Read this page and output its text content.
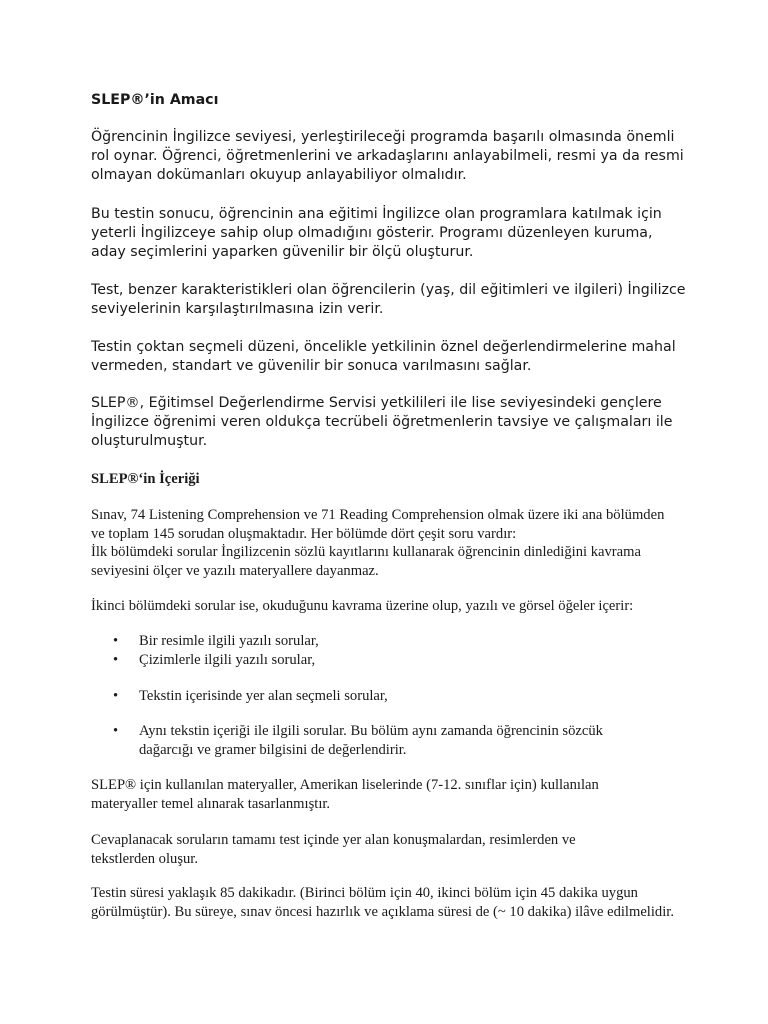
SLEP®’in Amacı

Öğrencinin İngilizce seviyesi, yerleştirileceği programda başarılı olmasında önemli rol oynar. Öğrenci, öğretmenlerini ve arkadaşlarını anlayabilmeli, resmi ya da resmi olmayan dokümanları okuyup anlayabiliyor olmalıdır.

Bu testin sonucu, öğrencinin ana eğitimi İngilizce olan programlara katılmak için yeterli İngilizceye sahip olup olmadığını gösterir. Programı düzenleyen kuruma, aday seçimlerini yaparken güvenilir bir ölçü oluşturur.

Test, benzer karakteristikleri olan öğrencilerin (yaş, dil eğitimleri ve ilgileri) İngilizce seviyelerinin karşılaştırılmasına izin verir.

Testin çoktan seçmeli düzeni, öncelikle yetkilinin öznel değerlendirmelerine mahal vermeden, standart ve güvenilir bir sonuca varılmasını sağlar.

SLEP®, Eğitimsel Değerlendirme Servisi yetkilileri ile lise seviyesindeki gençlere İngilizce öğrenimi veren oldukça tecrübeli öğretmenlerin tavsiye ve çalışmaları ile oluşturulmuştur.

SLEP®‘in İçeriği

Sınav, 74 Listening Comprehension ve 71 Reading Comprehension olmak üzere iki ana bölümden ve toplam 145 sorudan oluşmaktadır. Her bölümde dört çeşit soru vardır:

İlk bölümdeki sorular İngilizcenin sözlü kayıtlarını kullanarak öğrencinin dinlediğini kavrama seviyesini ölçer ve yazılı materyallere dayanmaz.

İkinci bölümdeki sorular ise, okuduğunu kavrama üzerine olup, yazılı ve görsel öğeler içerir:

• Bir resimle ilgili yazılı sorular,
• Çizimlerle ilgili yazılı sorular,
• Tekstin içerisinde yer alan seçmeli sorular,
• Aynı tekstin içeriği ile ilgili sorular. Bu bölüm aynı zamanda öğrencinin sözcük dağarcığı ve gramer bilgisini de değerlendirir.

SLEP® için kullanılan materyaller, Amerikan liselerinde (7-12. sınıflar için) kullanılan materyaller temel alınarak tasarlanmıştır.

Cevaplanacak soruların tamamı test içinde yer alan konuşmalardan, resimlerden ve tekstlerden oluşur.

Testin süresi yaklaşık 85 dakikadır. (Birinci bölüm için 40, ikinci bölüm için 45 dakika uygun görülmüştür). Bu süreye, sınav öncesi hazırlık ve açıklama süresi de (~ 10 dakika) ilâve edilmelidir.
